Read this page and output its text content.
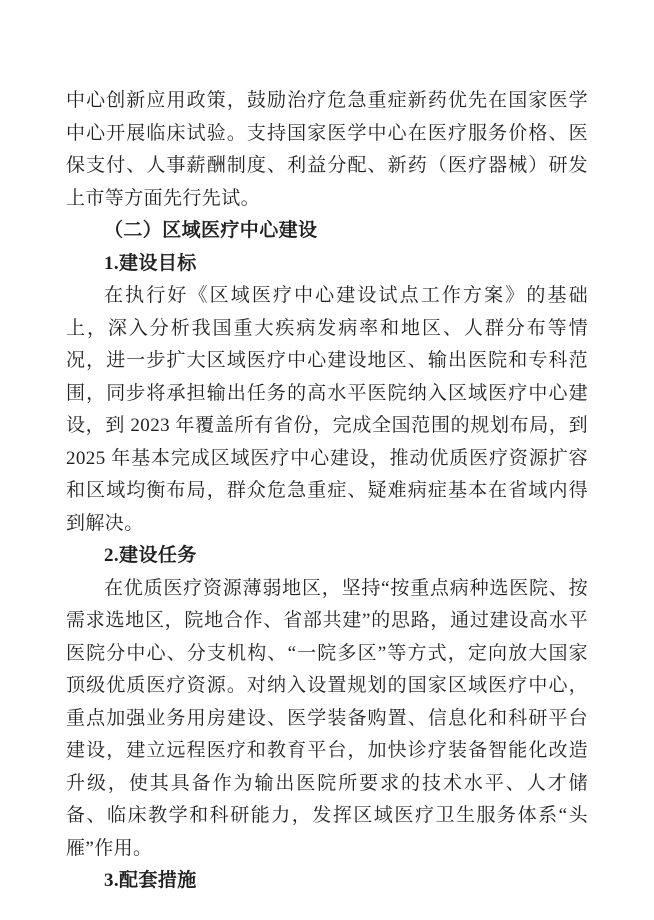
中心创新应用政策，鼓励治疗危急重症新药优先在国家医学中心开展临床试验。支持国家医学中心在医疗服务价格、医保支付、人事薪酬制度、利益分配、新药（医疗器械）研发上市等方面先行先试。

（二）区域医疗中心建设

1.建设目标

在执行好《区域医疗中心建设试点工作方案》的基础上，深入分析我国重大疾病发病率和地区、人群分布等情况，进一步扩大区域医疗中心建设地区、输出医院和专科范围，同步将承担输出任务的高水平医院纳入区域医疗中心建设，到 2023 年覆盖所有省份，完成全国范围的规划布局，到 2025 年基本完成区域医疗中心建设，推动优质医疗资源扩容和区域均衡布局，群众危急重症、疑难病症基本在省域内得到解决。

2.建设任务

在优质医疗资源薄弱地区，坚持“按重点病种选医院、按需求选地区，院地合作、省部共建”的思路，通过建设高水平医院分中心、分支机构、“一院多区”等方式，定向放大国家顶级优质医疗资源。对纳入设置规划的国家区域医疗中心，重点加强业务用房建设、医学装备购置、信息化和科研平台建设，建立远程医疗和教育平台，加快诊疗装备智能化改造升级，使其具备作为输出医院所要求的技术水平、人才储备、临床教学和科研能力，发挥区域医疗卫生服务体系“头雁”作用。

3.配套措施
